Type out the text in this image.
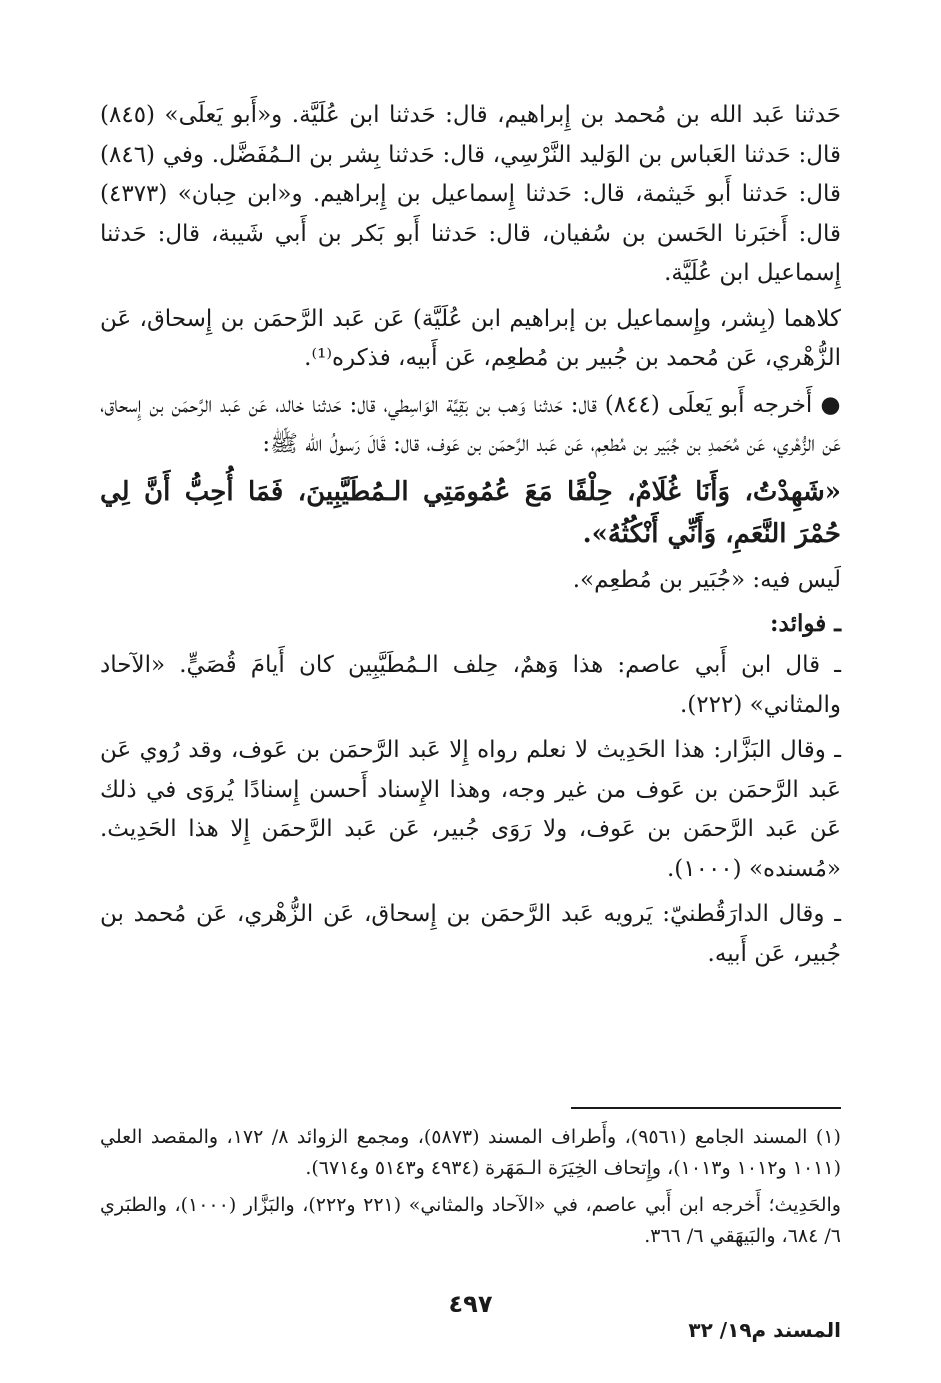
حَدثنا عَبد الله بن مُحمد بن إِبراهيم، قال: حَدثنا ابن عُلَيَّة. و«أَبو يَعلَى» (٨٤٥) قال: حَدثنا العَباس بن الوَليد النَّرْسِي، قال: حَدثنا بِشر بن الـمُفَضَّل. وفي (٨٤٦) قال: حَدثنا أَبو خَيثمة، قال: حَدثنا إِسماعيل بن إِبراهيم. و«ابن حِبان» (٤٣٧٣) قال: أَخبَرنا الحَسن بن سُفيان، قال: حَدثنا أَبو بَكر بن أَبي شَيبة، قال: حَدثنا إِسماعيل ابن عُلَيَّة.

كلاهما (بِشر، وإِسماعيل بن إبراهيم ابن عُلَيَّة) عَن عَبد الرَّحمَن بن إِسحاق، عَن الزُّهْري، عَن مُحمد بن جُبير بن مُطعِم، عَن أَبيه، فذكره⁽¹⁾.

●أَخرجه أَبو يَعلَى (٨٤٤) قال: حَدثنا وَهب بن بَقِيَّة الوَاسِطي، قال: حَدثنا خالد، عَن عَبد الرَّحمَن بن إِسحاق، عَن الزُّهْري، عَن مُحَمدِ بن جُبَير بن مُطعِم، عَن عَبد الرَّحمَن بن عَوف، قال: قَالَ رَسولُ الله ﷺ:

«شَهِدْتُ، وَأَنَا غُلَامٌ، حِلْفًا مَعَ عُمُومَتِي الـمُطَيَّبِينَ، فَمَا أُحِبُّ أَنَّ لِي حُمْرَ النَّعَمِ، وَأَنِّي أَنْكُثُهُ».

لَيس فيه: «جُبَير بن مُطعِم».

ـ فوائد:

ـ قال ابن أَبي عاصم: هذا وَهمٌ، حِلف الـمُطَيَّبِين كان أَيامَ قُصَيٍّ. «الآحاد والمثاني» (٢٢٢).

ـ وقال البَزَّار: هذا الحَدِيث لا نعلم رواه إِلا عَبد الرَّحمَن بن عَوف، وقد رُوي عَن عَبد الرَّحمَن بن عَوف من غير وجه، وهذا الإِسناد أَحسن إِسنادًا يُروَى في ذلك عَن عَبد الرَّحمَن بن عَوف، ولا رَوَى جُبير، عَن عَبد الرَّحمَن إِلا هذا الحَدِيث. «مُسنده» (١٠٠٠).

ـ وقال الدارَقُطنيّ: يَرويه عَبد الرَّحمَن بن إِسحاق، عَن الزُّهْري، عَن مُحمد بن جُبير، عَن أَبيه.

(١) المسند الجامع (٩٥٦١)، وأَطراف المسند (٥٨٧٣)، ومجمع الزوائد ٨/ ١٧٢، والمقصد العلي (١٠١١ و١٠١٢ و١٠١٣)، وإِتحاف الخِيَرَة الـمَهَرة (٤٩٣٤ و٥١٤٣ و٦٧١٤).

والحَدِيث؛ أَخرجه ابن أَبي عاصم، في «الآحاد والمثاني» (٢٢١ و٢٢٢)، والبَزَّار (١٠٠٠)، والطبَري ٦/ ٦٨٤، والبَيهَقي ٦/ ٣٦٦.

٤٩٧
المسند م١٩/ ٣٢
